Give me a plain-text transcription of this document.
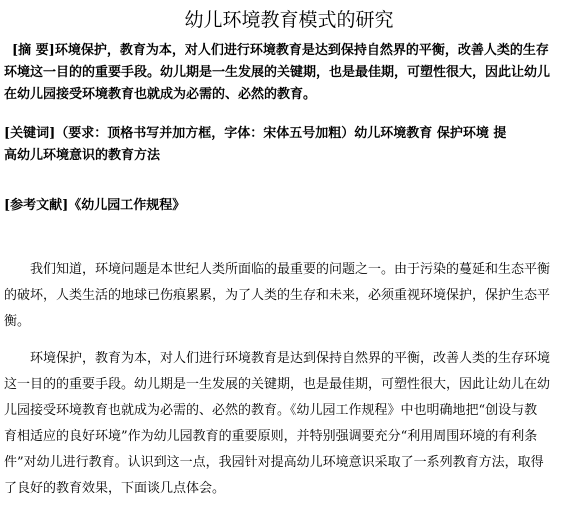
幼儿环境教育模式的研究
[摘 要]环境保护，教育为本，对人们进行环境教育是达到保持自然界的平衡，改善人类的生存
环境这一目的的重要手段。幼儿期是一生发展的关键期，也是最佳期，可塑性很大，因此让幼儿
在幼儿园接受环境教育也就成为必需的、必然的教育。
[关键词]（要求：顶格书写并加方框，字体：宋体五号加粗）幼儿环境教育 保护环境 提
高幼儿环境意识的教育方法
[参考文献]《幼儿园工作规程》
我们知道，环境问题是本世纪人类所面临的最重要的问题之一。由于污染的蔓延和生态平衡
的破坏，人类生活的地球已伤痕累累，为了人类的生存和未来，必须重视环境保护，保护生态平
衡。
环境保护，教育为本，对人们进行环境教育是达到保持自然界的平衡，改善人类的生存环境
这一目的的重要手段。幼儿期是一生发展的关键期，也是最佳期，可塑性很大，因此让幼儿在幼
儿园接受环境教育也就成为必需的、必然的教育。《幼儿园工作规程》中也明确地把“创设与教
育相适应的良好环境”作为幼儿园教育的重要原则，并特别强调要充分“利用周围环境的有利条
件”对幼儿进行教育。认识到这一点，我园针对提高幼儿环境意识采取了一系列教育方法，取得
了良好的教育效果，下面谈几点体会。
